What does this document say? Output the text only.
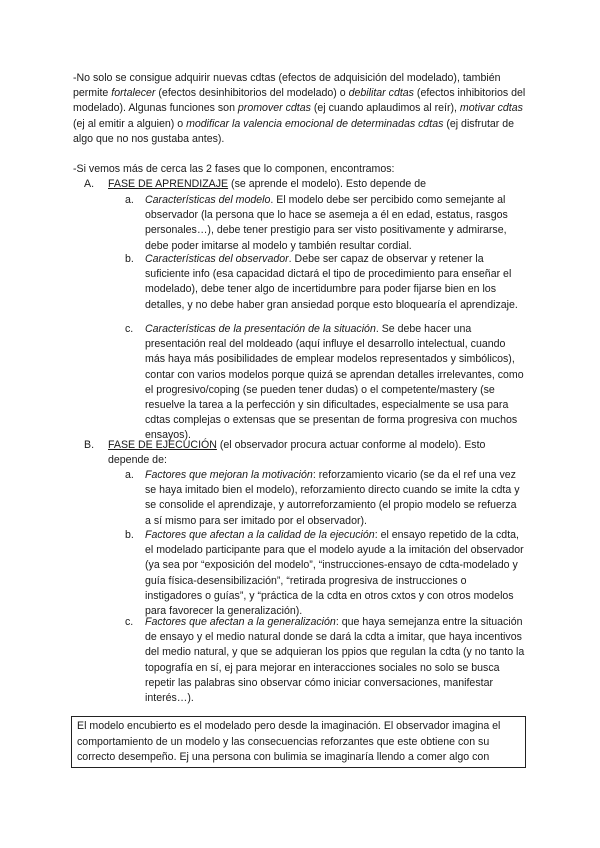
-No solo se consigue adquirir nuevas cdtas (efectos de adquisición del modelado), también permite fortalecer (efectos desinhibitorios del modelado) o debilitar cdtas (efectos inhibitorios del modelado). Algunas funciones son promover cdtas (ej cuando aplaudimos al reír), motivar cdtas (ej al emitir a alguien) o modificar la valencia emocional de determinadas cdtas (ej disfrutar de algo que no nos gustaba antes).

-Si vemos más de cerca las 2 fases que lo componen, encontramos:

A.	FASE DE APRENDIZAJE (se aprende el modelo). Esto depende de
a.	Características del modelo. El modelo debe ser percibido como semejante al observador (la persona que lo hace se asemeja a él en edad, estatus, rasgos personales…), debe tener prestigio para ser visto positivamente y admirarse, debe poder imitarse al modelo y también resultar cordial.
b.	Características del observador. Debe ser capaz de observar y retener la suficiente info (esa capacidad dictará el tipo de procedimiento para enseñar el modelado), debe tener algo de incertidumbre para poder fijarse bien en los detalles, y no debe haber gran ansiedad porque esto bloquearía el aprendizaje.
c.	Características de la presentación de la situación. Se debe hacer una presentación real del moldeado (aquí influye el desarrollo intelectual, cuando más haya más posibilidades de emplear modelos representados y simbólicos), contar con varios modelos porque quizá se aprendan detalles irrelevantes, como el progresivo/coping (se pueden tener dudas) o el competente/mastery (se resuelve la tarea a la perfección y sin dificultades, especialmente se usa para cdtas complejas o extensas que se presentan de forma progresiva con muchos ensayos).
B.	FASE DE EJECUCIÓN (el observador procura actuar conforme al modelo). Esto depende de:
a.	Factores que mejoran la motivación: reforzamiento vicario (se da el ref una vez se haya imitado bien el modelo), reforzamiento directo cuando se imite la cdta y se consolide el aprendizaje, y autorreforzamiento (el propio modelo se refuerza a sí mismo para ser imitado por el observador).
b.	Factores que afectan a la calidad de la ejecución: el ensayo repetido de la cdta, el modelado participante para que el modelo ayude a la imitación del observador (ya sea por “exposición del modelo”, “instrucciones-ensayo de cdta-modelado y guía física-desensibilización”, “retirada progresiva de instrucciones o instigadores o guías”, y “práctica de la cdta en otros cxtos y con otros modelos para favorecer la generalización).
c.	Factores que afectan a la generalización: que haya semejanza entre la situación de ensayo y el medio natural donde se dará la cdta a imitar, que haya incentivos del medio natural, y que se adquieran los ppios que regulan la cdta (y no tanto la topografía en sí, ej para mejorar en interacciones sociales no solo se busca repetir las palabras sino observar cómo iniciar conversaciones, manifestar interés…).
El modelo encubierto es el modelado pero desde la imaginación. El observador imagina el comportamiento de un modelo y las consecuencias reforzantes que este obtiene con su correcto desempeño. Ej una persona con bulimia se imaginaría llendo a comer algo con
